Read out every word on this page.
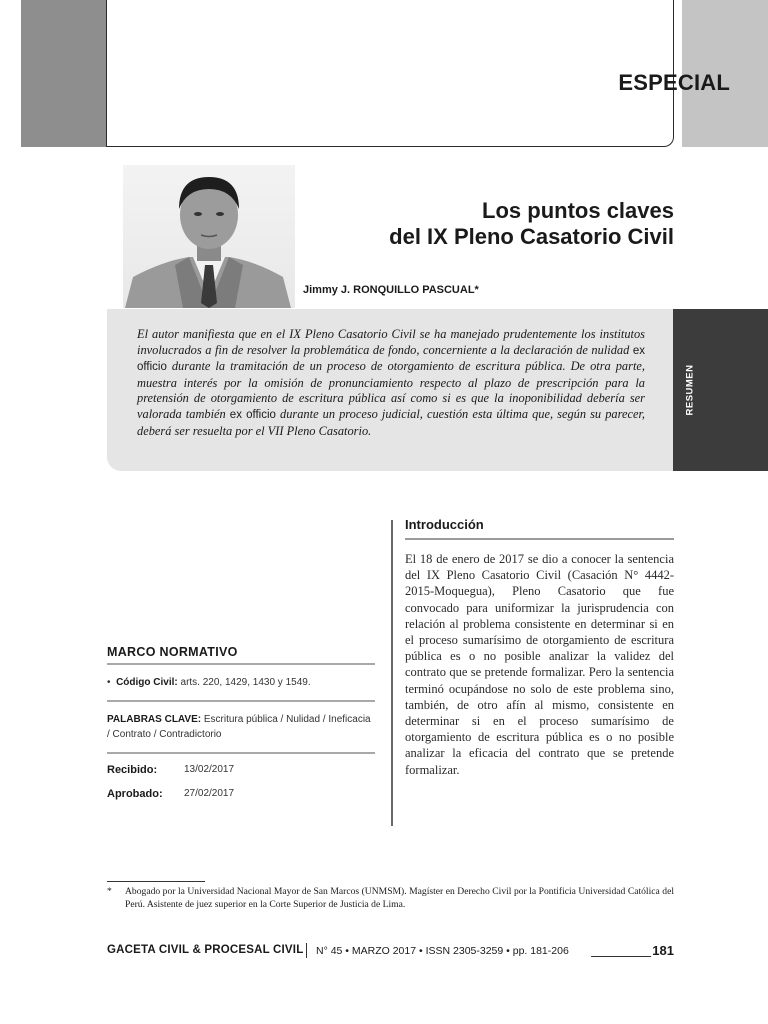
ESPECIAL
Los puntos claves
del IX Pleno Casatorio Civil
Jimmy J. RONQUILLO PASCUAL*
El autor manifiesta que en el IX Pleno Casatorio Civil se ha manejado prudentemente los institutos involucrados a fin de resolver la problemática de fondo, concerniente a la declaración de nulidad ex officio durante la tramitación de un proceso de otorgamiento de escritura pública. De otra parte, muestra interés por la omisión de pronunciamiento respecto al plazo de prescripción para la pretensión de otorgamiento de escritura pública así como si es que la inoponibilidad debería ser valorada también ex officio durante un proceso judicial, cuestión esta última que, según su parecer, deberá ser resuelta por el VII Pleno Casatorio.
RESUMEN
MARCO NORMATIVO
•  Código Civil: arts. 220, 1429, 1430 y 1549.
PALABRAS CLAVE: Escritura pública / Nulidad / Ineficacia / Contrato / Contradictorio
Recibido:	13/02/2017
Aprobado: 27/02/2017
Introducción
El 18 de enero de 2017 se dio a conocer la sentencia del IX Pleno Casatorio Civil (Casación N° 4442-2015-Moquegua), Pleno Casatorio que fue convocado para uniformizar la jurisprudencia con relación al problema consistente en determinar si en el proceso sumarísimo de otorgamiento de escritura pública es o no posible analizar la validez del contrato que se pretende formalizar. Pero la sentencia terminó ocupándose no solo de este problema sino, también, de otro afín al mismo, consistente en determinar si en el proceso sumarísimo de otorgamiento de escritura pública es o no posible analizar la eficacia del contrato que se pretende formalizar.
* Abogado por la Universidad Nacional Mayor de San Marcos (UNMSM). Magíster en Derecho Civil por la Pontificia Universidad Católica del Perú. Asistente de juez superior en la Corte Superior de Justicia de Lima.
GACETA CIVIL & PROCESAL CIVIL N° 45 • MARZO 2017 • ISSN 2305-3259 • pp. 181-206	181
